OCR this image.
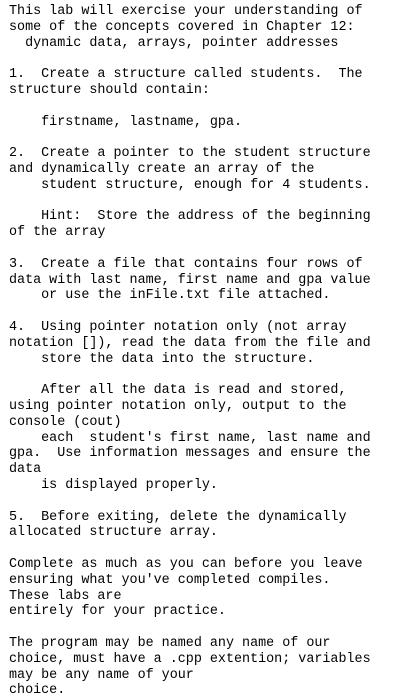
This lab will exercise your understanding of
some of the concepts covered in Chapter 12:
dynamic data, arrays, pointer addresses
1.  Create a structure called students.  The
structure should contain:
firstname, lastname, gpa.
2.  Create a pointer to the student structure
and dynamically create an array of the
student structure, enough for 4 students.
Hint:  Store the address of the beginning
of the array
3.  Create a file that contains four rows of
data with last name, first name and gpa value
or use the inFile.txt file attached.
4.  Using pointer notation only (not array
notation []), read the data from the file and
store the data into the structure.
After all the data is read and stored,
using pointer notation only, output to the
console (cout)
each  student's first name, last name and
gpa.  Use information messages and ensure the
data
is displayed properly.
5.  Before exiting, delete the dynamically
allocated structure array.
Complete as much as you can before you leave
ensuring what you've completed compiles.
These labs are
entirely for your practice.
The program may be named any name of our
choice, must have a .cpp extention; variables
may be any name of your
choice.
